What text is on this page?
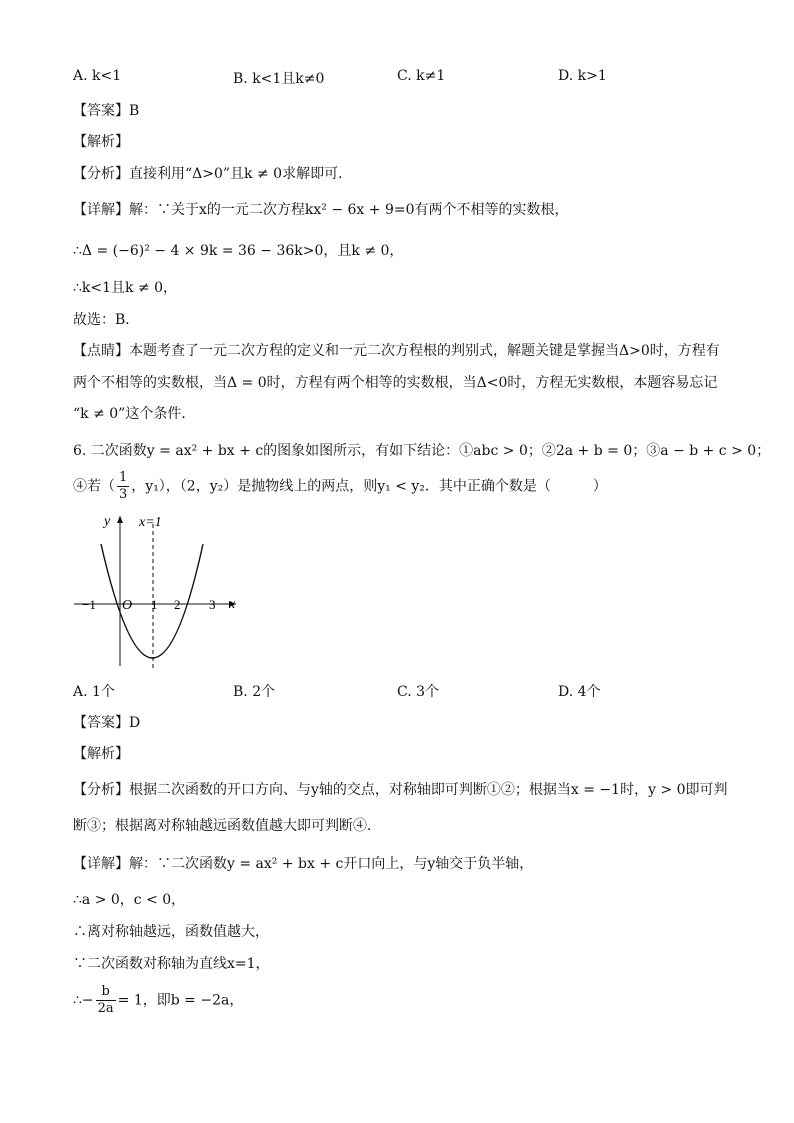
A. k<1	B. k<1且k≠0	C. k≠1	D. k>1
【答案】B
【解析】
【分析】直接利用“Δ>0”且k ≠ 0求解即可．
【详解】解：∵关于x的一元二次方程kx² − 6x + 9=0有两个不相等的实数根，
∴Δ = (−6)² − 4 × 9k = 36 − 36k>0，且k ≠ 0，
∴k<1且k ≠ 0，
故选：B．
【点睛】本题考查了一元二次方程的定义和一元二次方程根的判别式，解题关键是掌握当Δ>0时，方程有
两个不相等的实数根，当Δ = 0时，方程有两个相等的实数根，当Δ<0时，方程无实数根，本题容易忘记
“k ≠ 0”这个条件．
6. 二次函数y = ax² + bx + c的图象如图所示，有如下结论：①abc > 0；②2a + b = 0；③a − b + c > 0；
④若（ $\frac{1}{3}$ ，y₁），（2，y₂）是抛物线上的两点，则y₁ < y₂．其中正确个数是（　　　）
y x=1
x
O
−1	1 2 3
A. 1个	B. 2个	C. 3个	D. 4个
【答案】D
【解析】
【分析】根据二次函数的开口方向、与y轴的交点，对称轴即可判断①②；根据当x = −1时，y > 0即可判
断③；根据离对称轴越远函数值越大即可判断④．
【详解】解：∵二次函数y = ax² + bx + c开口向上，与y轴交于负半轴，
∴a > 0，c < 0，
∴离对称轴越远，函数值越大，
∵二次函数对称轴为直线x=1，
∴− $\frac{b}{2a} = 1$，即b = −2a，
